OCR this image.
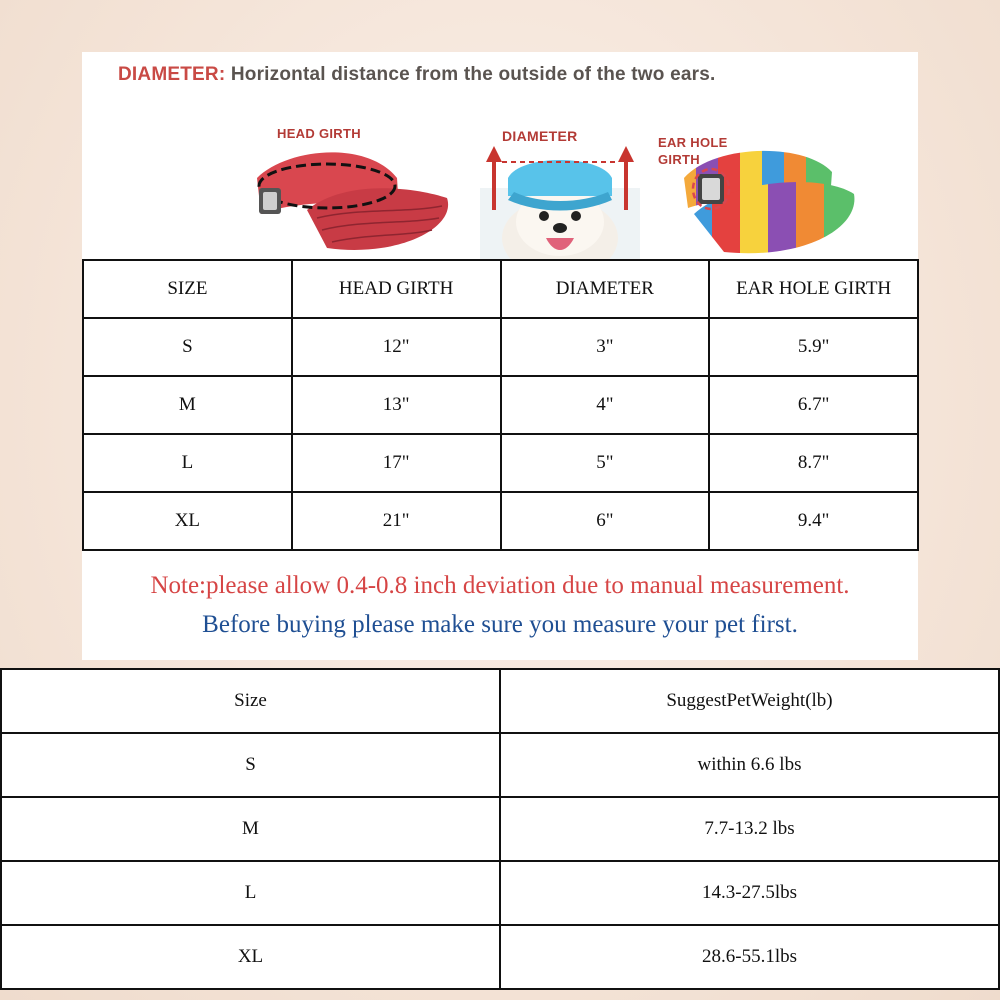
DIAMETER: Horizontal distance from the outside of the two ears.
HEAD GIRTH	DIAMETER	EAR HOLE
GIRTH
SIZE	HEAD GIRTH	DIAMETER	EAR HOLE GIRTH
S	12"	3"	5.9"
M	13"	4"	6.7"
L	17"	5"	8.7"
XL	21"	6"	9.4"
Note:please allow 0.4-0.8 inch deviation due to manual measurement.
Before buying please make sure you measure your pet first.
Size	SuggestPetWeight(lb)
S	within 6.6 lbs
M	7.7-13.2 lbs
L	14.3-27.5lbs
XL	28.6-55.1lbs
